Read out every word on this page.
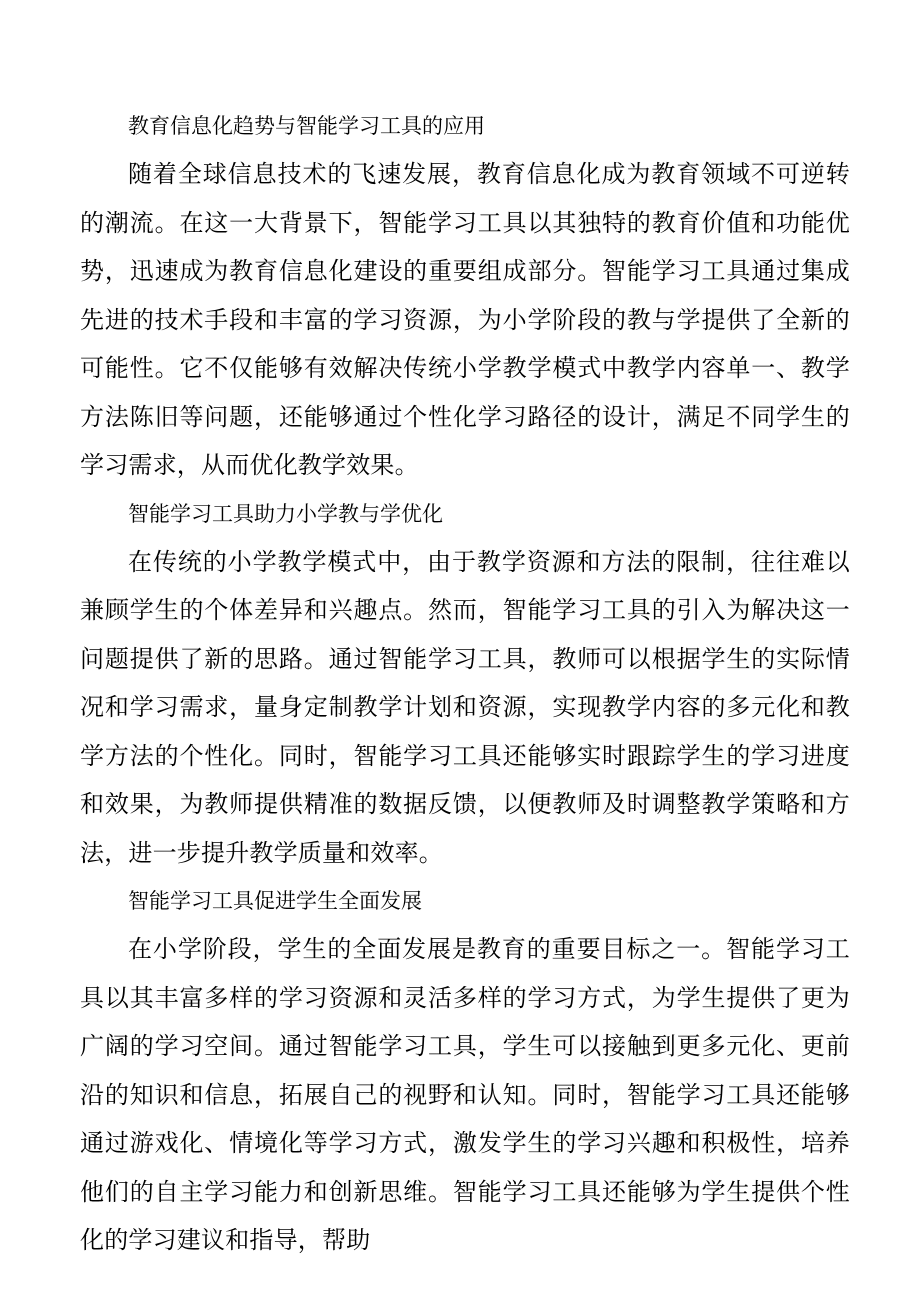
教育信息化趋势与智能学习工具的应用

随着全球信息技术的飞速发展，教育信息化成为教育领域不可逆转的潮流。在这一大背景下，智能学习工具以其独特的教育价值和功能优势，迅速成为教育信息化建设的重要组成部分。智能学习工具通过集成先进的技术手段和丰富的学习资源，为小学阶段的教与学提供了全新的可能性。它不仅能够有效解决传统小学教学模式中教学内容单一、教学方法陈旧等问题，还能够通过个性化学习路径的设计，满足不同学生的学习需求，从而优化教学效果。

智能学习工具助力小学教与学优化

在传统的小学教学模式中，由于教学资源和方法的限制，往往难以兼顾学生的个体差异和兴趣点。然而，智能学习工具的引入为解决这一问题提供了新的思路。通过智能学习工具，教师可以根据学生的实际情况和学习需求，量身定制教学计划和资源，实现教学内容的多元化和教学方法的个性化。同时，智能学习工具还能够实时跟踪学生的学习进度和效果，为教师提供精准的数据反馈，以便教师及时调整教学策略和方法，进一步提升教学质量和效率。

智能学习工具促进学生全面发展

在小学阶段，学生的全面发展是教育的重要目标之一。智能学习工具以其丰富多样的学习资源和灵活多样的学习方式，为学生提供了更为广阔的学习空间。通过智能学习工具，学生可以接触到更多元化、更前沿的知识和信息，拓展自己的视野和认知。同时，智能学习工具还能够通过游戏化、情境化等学习方式，激发学生的学习兴趣和积极性，培养他们的自主学习能力和创新思维。智能学习工具还能够为学生提供个性化的学习建议和指导，帮助
